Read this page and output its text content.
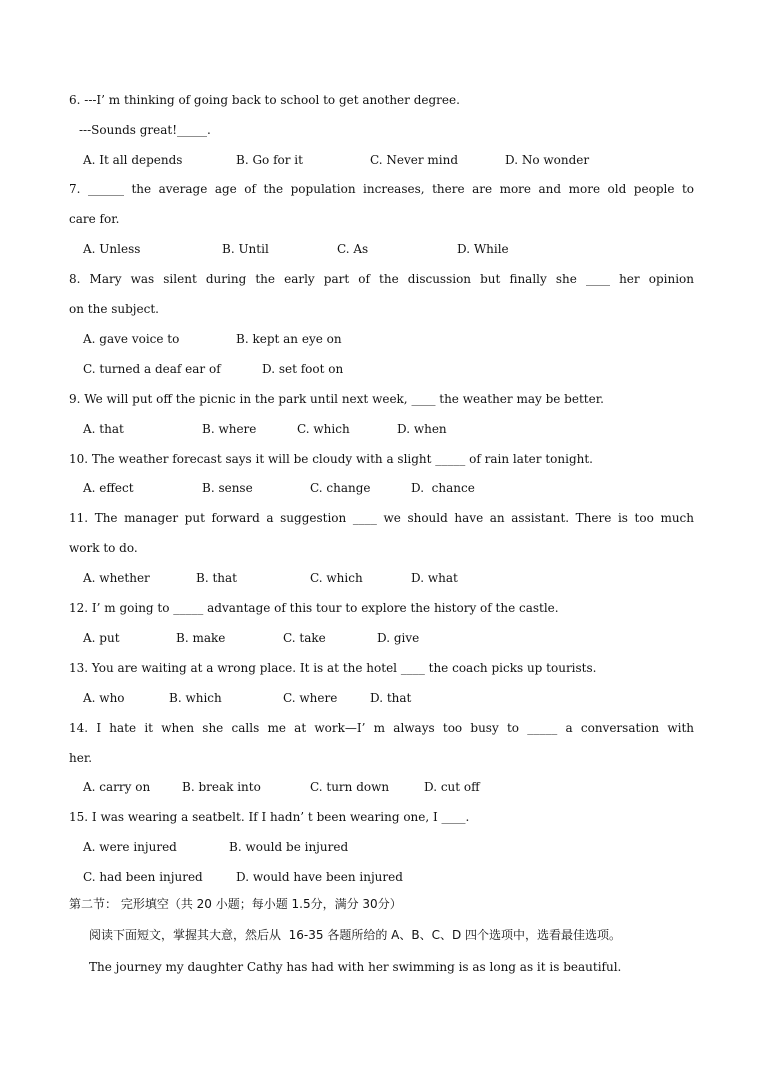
6. ---I’ m thinking of going back to school to get another degree.
---Sounds great!_____.
A. It all depends	B. Go for it	C. Never mind	D. No wonder
7. ______ the average age of the population increases, there are more and more old people to
care for.
A. Unless	B. Until	C. As	D. While
8. Mary was silent during the early part of the discussion but finally she ____ her opinion
on the subject.
A. gave voice to	B. kept an eye on
C. turned a deaf ear of	D. set foot on
9. We will put off the picnic in the park until next week, ____ the weather may be better.
A. that	B. where	C. which	D. when
10. The weather forecast says it will be cloudy with a slight _____ of rain later tonight.
A. effect	B. sense	C. change	D.  chance
11. The manager put forward a suggestion ____ we should have an assistant. There is too much
work to do.
A. whether	B. that	C. which	D. what
12. I’ m going to _____ advantage of this tour to explore the history of the castle.
A. put	B. make	C. take	D. give
13. You are waiting at a wrong place. It is at the hotel ____ the coach picks up tourists.
A. who	B. which	C. where	D. that
14. I hate it when she calls me at work—I’ m always too busy to _____ a conversation with
her.
A. carry on	B. break into	C. turn down	D. cut off
15. I was wearing a seatbelt. If I hadn’ t been wearing one, I ____.
A. were injured	B. would be injured
C. had been injured	D. would have been injured
第二节： 完形填空（共 20 小题；每小题 1.5分，满分 30分）
阅读下面短文，掌握其大意，然后从  16-35 各题所给的 A、B、C、D 四个选项中，选看最佳选项。
The journey my daughter Cathy has had with her swimming is as long as it is beautiful.
